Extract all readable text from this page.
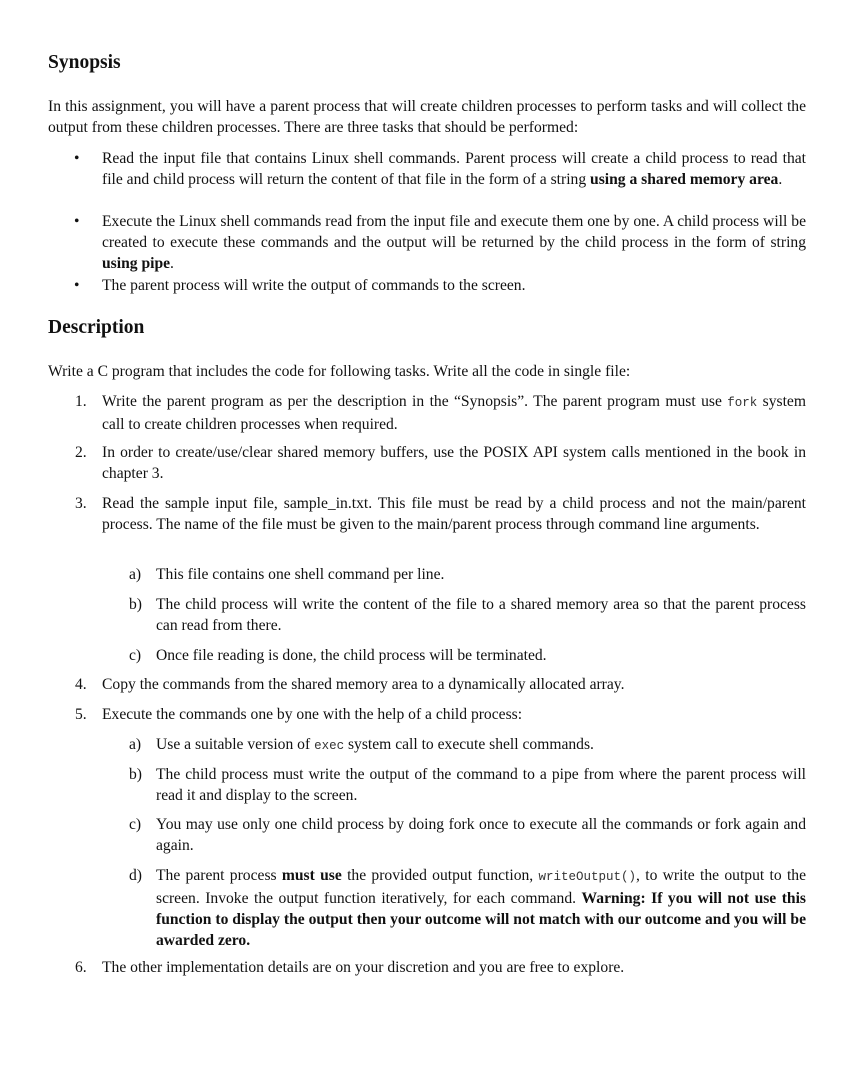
Synopsis

In this assignment, you will have a parent process that will create children processes to perform tasks and will collect the output from these children processes. There are three tasks that should be performed:

• Read the input file that contains Linux shell commands. Parent process will create a child process to read that file and child process will return the content of that file in the form of a string using a shared memory area.
• Execute the Linux shell commands read from the input file and execute them one by one. A child process will be created to execute these commands and the output will be returned by the child process in the form of string using pipe.
• The parent process will write the output of commands to the screen.
Description

Write a C program that includes the code for following tasks. Write all the code in single file:

1. Write the parent program as per the description in the “Synopsis”. The parent program must use fork system call to create children processes when required.
2. In order to create/use/clear shared memory buffers, use the POSIX API system calls mentioned in the book in chapter 3.
3. Read the sample input file, sample_in.txt. This file must be read by a child process and not the main/parent process. The name of the file must be given to the main/parent process through command line arguments.
a) This file contains one shell command per line.
b) The child process will write the content of the file to a shared memory area so that the parent process can read from there.
c) Once file reading is done, the child process will be terminated.
4. Copy the commands from the shared memory area to a dynamically allocated array.
5. Execute the commands one by one with the help of a child process:
a) Use a suitable version of exec system call to execute shell commands.
b) The child process must write the output of the command to a pipe from where the parent process will read it and display to the screen.
c) You may use only one child process by doing fork once to execute all the commands or fork again and again.
d) The parent process must use the provided output function, writeOutput(), to write the output to the screen. Invoke the output function iteratively, for each command. Warning: If you will not use this function to display the output then your outcome will not match with our outcome and you will be awarded zero.
6. The other implementation details are on your discretion and you are free to explore.
